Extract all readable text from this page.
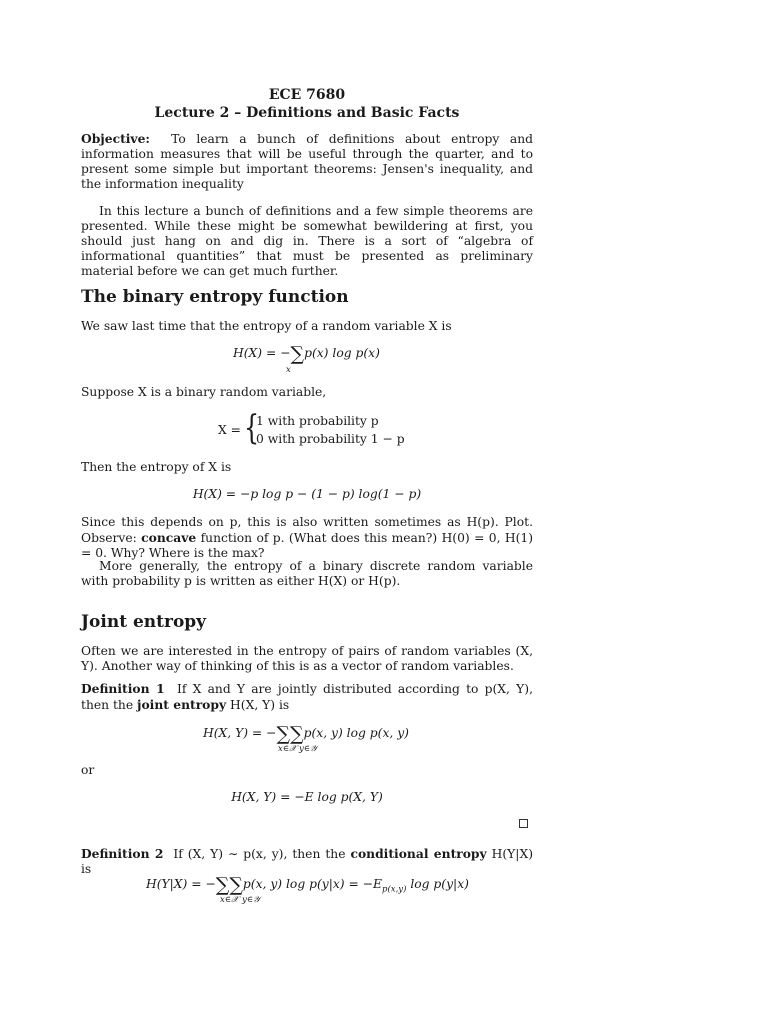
ECE 7680
Lecture 2 – Definitions and Basic Facts

Objective: To learn a bunch of definitions about entropy and information measures that will be useful through the quarter, and to present some simple but important theorems: Jensen's inequality, and the information inequality

In this lecture a bunch of definitions and a few simple theorems are presented. While these might be somewhat bewildering at first, you should just hang on and dig in. There is a sort of “algebra of informational quantities” that must be presented as preliminary material before we can get much further.

The binary entropy function

We saw last time that the entropy of a random variable X is

H(X) = −∑p(x) log p(x)
x

Suppose X is a binary random variable,

X = {
1 with probability p
0 with probability 1 − p

Then the entropy of X is

H(X) = −p log p − (1 − p) log(1 − p)

Since this depends on p, this is also written sometimes as H(p). Plot. Observe: concave function of p. (What does this mean?) H(0) = 0, H(1) = 0. Why? Where is the max?

More generally, the entropy of a binary discrete random variable with probability p is written as either H(X) or H(p).

Joint entropy

Often we are interested in the entropy of pairs of random variables (X, Y). Another way of thinking of this is as a vector of random variables.

Definition 1 If X and Y are jointly distributed according to p(X, Y), then the joint entropy H(X, Y) is

H(X, Y) = −∑∑p(x, y) log p(x, y)
x∈𝒳 y∈𝒴

or

H(X, Y) = −E log p(X, Y)

Definition 2 If (X, Y) ∼ p(x, y), then the conditional entropy H(Y|X) is

H(Y|X) = −∑∑p(x, y) $\log p(y|x) = -E_{p(x,y)}$ log p(y|x)
x∈𝒳 y∈𝒴
